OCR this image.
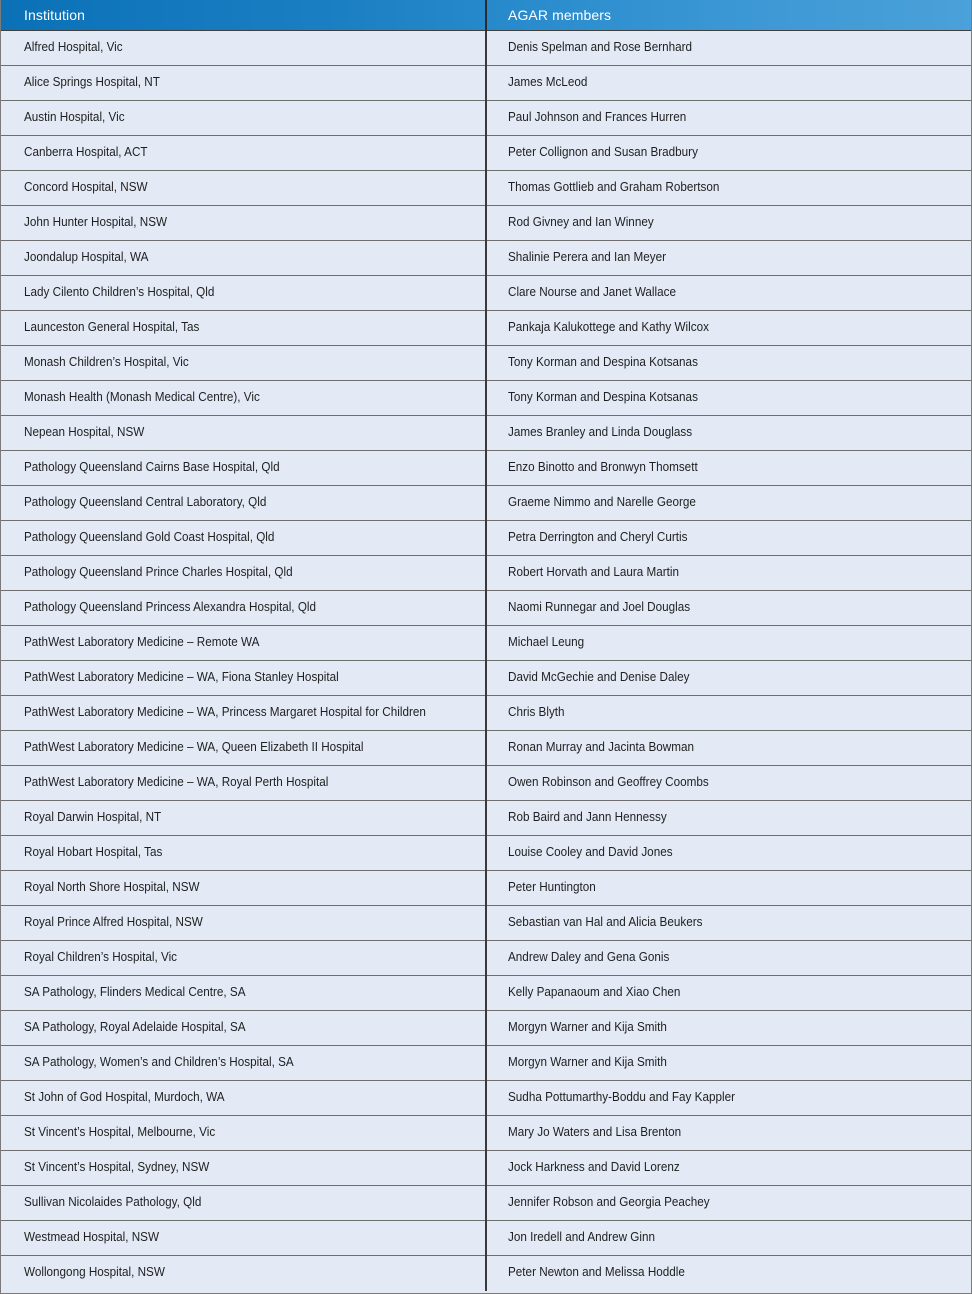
Institution	AGAR members
Alfred Hospital, Vic	Denis Spelman and Rose Bernhard
Alice Springs Hospital, NT	James McLeod
Austin Hospital, Vic	Paul Johnson and Frances Hurren
Canberra Hospital, ACT	Peter Collignon and Susan Bradbury
Concord Hospital, NSW	Thomas Gottlieb and Graham Robertson
John Hunter Hospital, NSW	Rod Givney and Ian Winney
Joondalup Hospital, WA	Shalinie Perera and Ian Meyer
Lady Cilento Children’s Hospital, Qld	Clare Nourse and Janet Wallace
Launceston General Hospital, Tas	Pankaja Kalukottege and Kathy Wilcox
Monash Children’s Hospital, Vic	Tony Korman and Despina Kotsanas
Monash Health (Monash Medical Centre), Vic	Tony Korman and Despina Kotsanas
Nepean Hospital, NSW	James Branley and Linda Douglass
Pathology Queensland Cairns Base Hospital, Qld	Enzo Binotto and Bronwyn Thomsett
Pathology Queensland Central Laboratory, Qld	Graeme Nimmo and Narelle George
Pathology Queensland Gold Coast Hospital, Qld	Petra Derrington and Cheryl Curtis
Pathology Queensland Prince Charles Hospital, Qld	Robert Horvath and Laura Martin
Pathology Queensland Princess Alexandra Hospital, Qld	Naomi Runnegar and Joel Douglas
PathWest Laboratory Medicine – Remote WA	Michael Leung
PathWest Laboratory Medicine – WA, Fiona Stanley Hospital	David McGechie and Denise Daley
PathWest Laboratory Medicine – WA, Princess Margaret Hospital for Children	Chris Blyth
PathWest Laboratory Medicine – WA, Queen Elizabeth II Hospital	Ronan Murray and Jacinta Bowman
PathWest Laboratory Medicine – WA, Royal Perth Hospital	Owen Robinson and Geoffrey Coombs
Royal Darwin Hospital, NT	Rob Baird and Jann Hennessy
Royal Hobart Hospital, Tas	Louise Cooley and David Jones
Royal North Shore Hospital, NSW	Peter Huntington
Royal Prince Alfred Hospital, NSW	Sebastian van Hal and Alicia Beukers
Royal Children’s Hospital, Vic	Andrew Daley and Gena Gonis
SA Pathology, Flinders Medical Centre, SA	Kelly Papanaoum and Xiao Chen
SA Pathology, Royal Adelaide Hospital, SA	Morgyn Warner and Kija Smith
SA Pathology, Women’s and Children’s Hospital, SA	Morgyn Warner and Kija Smith
St John of God Hospital, Murdoch, WA	Sudha Pottumarthy-Boddu and Fay Kappler
St Vincent’s Hospital, Melbourne, Vic	Mary Jo Waters and Lisa Brenton
St Vincent’s Hospital, Sydney, NSW	Jock Harkness and David Lorenz
Sullivan Nicolaides Pathology, Qld	Jennifer Robson and Georgia Peachey
Westmead Hospital, NSW	Jon Iredell and Andrew Ginn
Wollongong Hospital, NSW	Peter Newton and Melissa Hoddle
